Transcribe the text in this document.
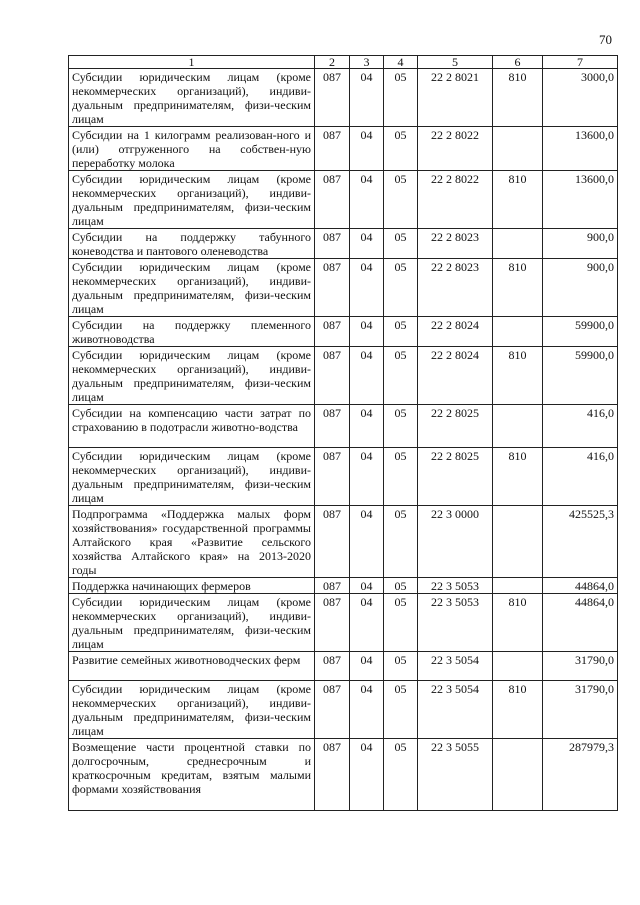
70
1	2	3	4	5	6	7
Субсидии юридическим лицам (кроме некоммерческих организаций), индиви-дуальным предпринимателям, физи-ческим лицам	087	04	05	22 2 8021	810	3000,0
Субсидии на 1 килограмм реализован-ного и (или) отгруженного на собствен-ную переработку молока	087	04	05	22 2 8022		13600,0
Субсидии юридическим лицам (кроме некоммерческих организаций), индиви-дуальным предпринимателям, физи-ческим лицам	087	04	05	22 2 8022	810	13600,0
Субсидии на поддержку табунного коневодства и пантового оленеводства	087	04	05	22 2 8023		900,0
Субсидии юридическим лицам (кроме некоммерческих организаций), индиви-дуальным предпринимателям, физи-ческим лицам	087	04	05	22 2 8023	810	900,0
Субсидии на поддержку племенного животноводства	087	04	05	22 2 8024		59900,0
Субсидии юридическим лицам (кроме некоммерческих организаций), индиви-дуальным предпринимателям, физи-ческим лицам	087	04	05	22 2 8024	810	59900,0
Субсидии на компенсацию части затрат по страхованию в подотрасли животно-водства	087	04	05	22 2 8025		416,0
Субсидии юридическим лицам (кроме некоммерческих организаций), индиви-дуальным предпринимателям, физи-ческим лицам	087	04	05	22 2 8025	810	416,0
Подпрограмма «Поддержка малых форм хозяйствования» государственной программы Алтайского края «Развитие сельского хозяйства Алтайского края» на 2013-2020 годы	087	04	05	22 3 0000		425525,3
Поддержка начинающих фермеров	087	04	05	22 3 5053		44864,0
Субсидии юридическим лицам (кроме некоммерческих организаций), индиви-дуальным предпринимателям, физи-ческим лицам	087	04	05	22 3 5053	810	44864,0
Развитие семейных животноводческих ферм	087	04	05	22 3 5054		31790,0
Субсидии юридическим лицам (кроме некоммерческих организаций), индиви-дуальным предпринимателям, физи-ческим лицам	087	04	05	22 3 5054	810	31790,0
Возмещение части процентной ставки по долгосрочным, среднесрочным и краткосрочным кредитам, взятым малыми формами хозяйствования	087	04	05	22 3 5055		287979,3
